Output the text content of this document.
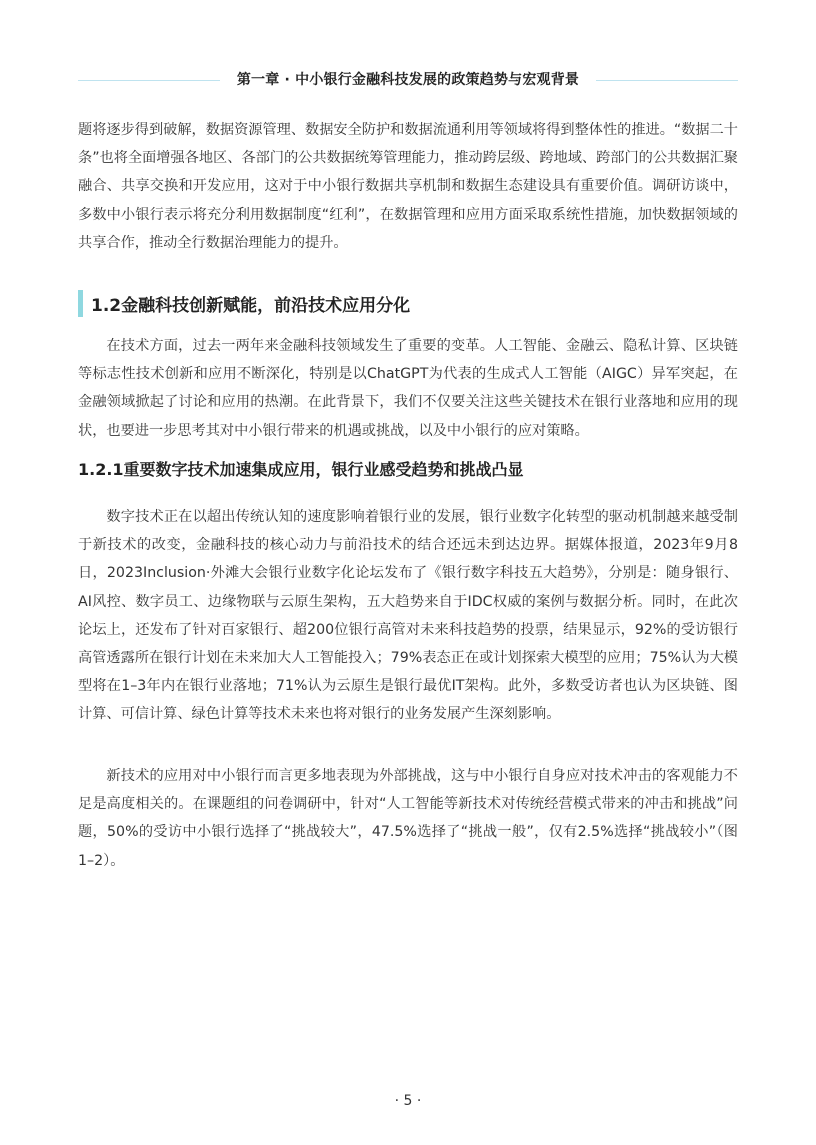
第一章 · 中小银行金融科技发展的政策趋势与宏观背景
题将逐步得到破解，数据资源管理、数据安全防护和数据流通利用等领域将得到整体性的推进。“数据二十条”也将全面增强各地区、各部门的公共数据统筹管理能力，推动跨层级、跨地域、跨部门的公共数据汇聚融合、共享交换和开发应用，这对于中小银行数据共享机制和数据生态建设具有重要价值。调研访谈中，多数中小银行表示将充分利用数据制度“红利”，在数据管理和应用方面采取系统性措施，加快数据领域的共享合作，推动全行数据治理能力的提升。
1.2金融科技创新赋能，前沿技术应用分化
在技术方面，过去一两年来金融科技领域发生了重要的变革。人工智能、金融云、隐私计算、区块链等标志性技术创新和应用不断深化，特别是以ChatGPT为代表的生成式人工智能（AIGC）异军突起，在金融领域掀起了讨论和应用的热潮。在此背景下，我们不仅要关注这些关键技术在银行业落地和应用的现状，也要进一步思考其对中小银行带来的机遇或挑战，以及中小银行的应对策略。
1.2.1重要数字技术加速集成应用，银行业感受趋势和挑战凸显
数字技术正在以超出传统认知的速度影响着银行业的发展，银行业数字化转型的驱动机制越来越受制于新技术的改变，金融科技的核心动力与前沿技术的结合还远未到达边界。据媒体报道，2023年9月8日，2023Inclusion·外滩大会银行业数字化论坛发布了《银行数字科技五大趋势》，分别是：随身银行、AI风控、数字员工、边缘物联与云原生架构，五大趋势来自于IDC权威的案例与数据分析。同时，在此次论坛上，还发布了针对百家银行、超200位银行高管对未来科技趋势的投票，结果显示，92%的受访银行高管透露所在银行计划在未来加大人工智能投入；79%表态正在或计划探索大模型的应用；75%认为大模型将在1–3年内在银行业落地；71%认为云原生是银行最优IT架构。此外，多数受访者也认为区块链、图计算、可信计算、绿色计算等技术未来也将对银行的业务发展产生深刻影响。
新技术的应用对中小银行而言更多地表现为外部挑战，这与中小银行自身应对技术冲击的客观能力不足是高度相关的。在课题组的问卷调研中，针对“人工智能等新技术对传统经营模式带来的冲击和挑战”问题，50%的受访中小银行选择了“挑战较大”，47.5%选择了“挑战一般”，仅有2.5%选择“挑战较小”（图1–2）。
· 5 ·
